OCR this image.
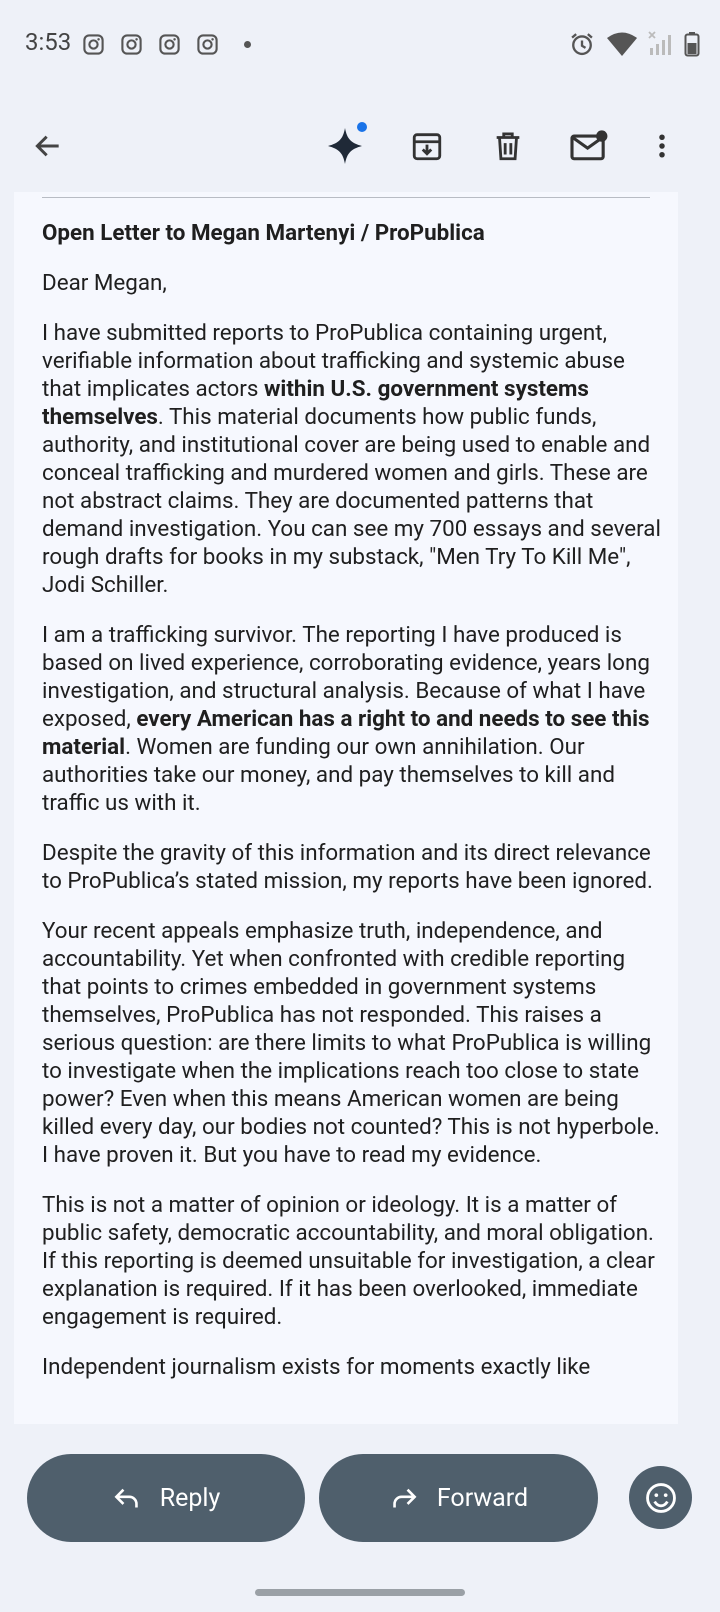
3:53

Open Letter to Megan Martenyi / ProPublica

Dear Megan,

I have submitted reports to ProPublica containing urgent, verifiable information about trafficking and systemic abuse that implicates actors within U.S. government systems themselves. This material documents how public funds, authority, and institutional cover are being used to enable and conceal trafficking and murdered women and girls. These are not abstract claims. They are documented patterns that demand investigation. You can see my 700 essays and several rough drafts for books in my substack, "Men Try To Kill Me", Jodi Schiller.

I am a trafficking survivor. The reporting I have produced is based on lived experience, corroborating evidence, years long investigation, and structural analysis. Because of what I have exposed, every American has a right to and needs to see this material. Women are funding our own annihilation. Our authorities take our money, and pay themselves to kill and traffic us with it.

Despite the gravity of this information and its direct relevance to ProPublica’s stated mission, my reports have been ignored.

Your recent appeals emphasize truth, independence, and accountability. Yet when confronted with credible reporting that points to crimes embedded in government systems themselves, ProPublica has not responded. This raises a serious question: are there limits to what ProPublica is willing to investigate when the implications reach too close to state power? Even when this means American women are being killed every day, our bodies not counted? This is not hyperbole. I have proven it. But you have to read my evidence.

This is not a matter of opinion or ideology. It is a matter of public safety, democratic accountability, and moral obligation. If this reporting is deemed unsuitable for investigation, a clear explanation is required. If it has been overlooked, immediate engagement is required.

Independent journalism exists for moments exactly like

Reply	Forward
